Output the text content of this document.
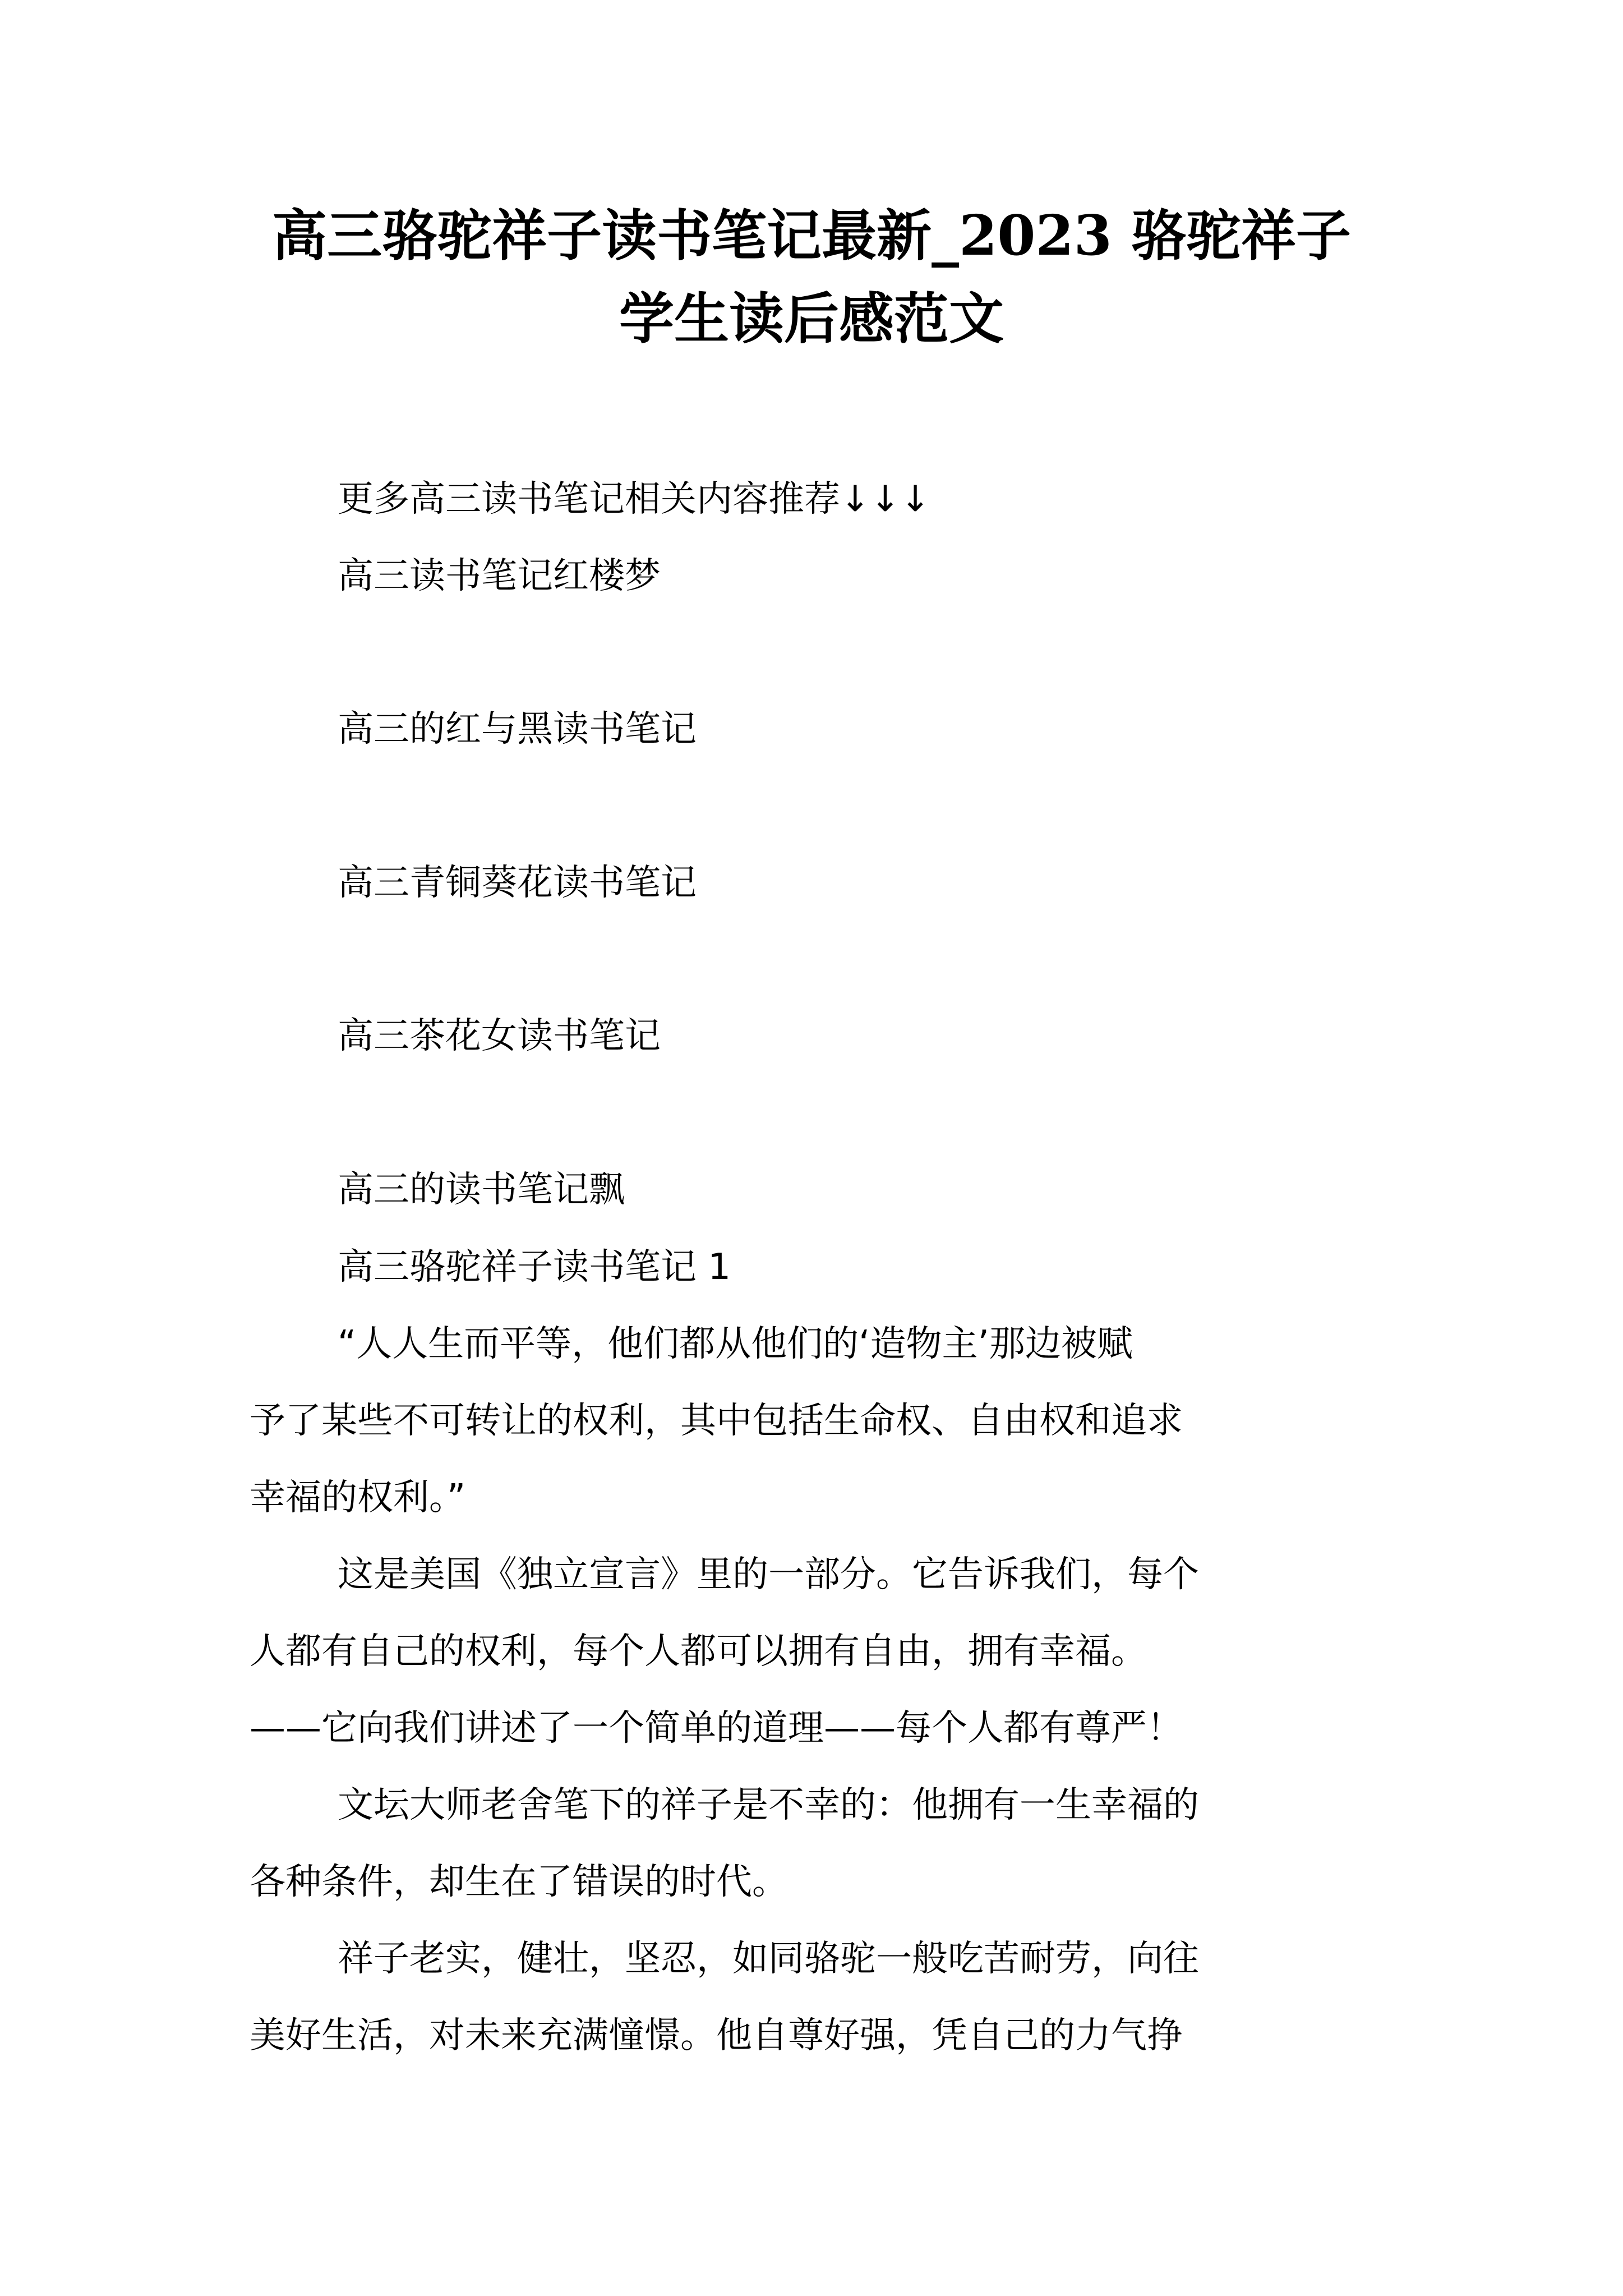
高三骆驼祥子读书笔记最新_2023 骆驼祥子
学生读后感范文
更多高三读书笔记相关内容推荐↓↓↓
高三读书笔记红楼梦
高三的红与黑读书笔记
高三青铜葵花读书笔记
高三茶花女读书笔记
高三的读书笔记飘
高三骆驼祥子读书笔记 1
“人人生而平等，他们都从他们的‘造物主’那边被赋
予了某些不可转让的权利，其中包括生命权、自由权和追求
幸福的权利。”
这是美国《独立宣言》里的一部分。它告诉我们，每个
人都有自己的权利，每个人都可以拥有自由，拥有幸福。
——它向我们讲述了一个简单的道理——每个人都有尊严！
文坛大师老舍笔下的祥子是不幸的：他拥有一生幸福的
各种条件，却生在了错误的时代。
祥子老实，健壮，坚忍，如同骆驼一般吃苦耐劳，向往
美好生活，对未来充满憧憬。他自尊好强，凭自己的力气挣
